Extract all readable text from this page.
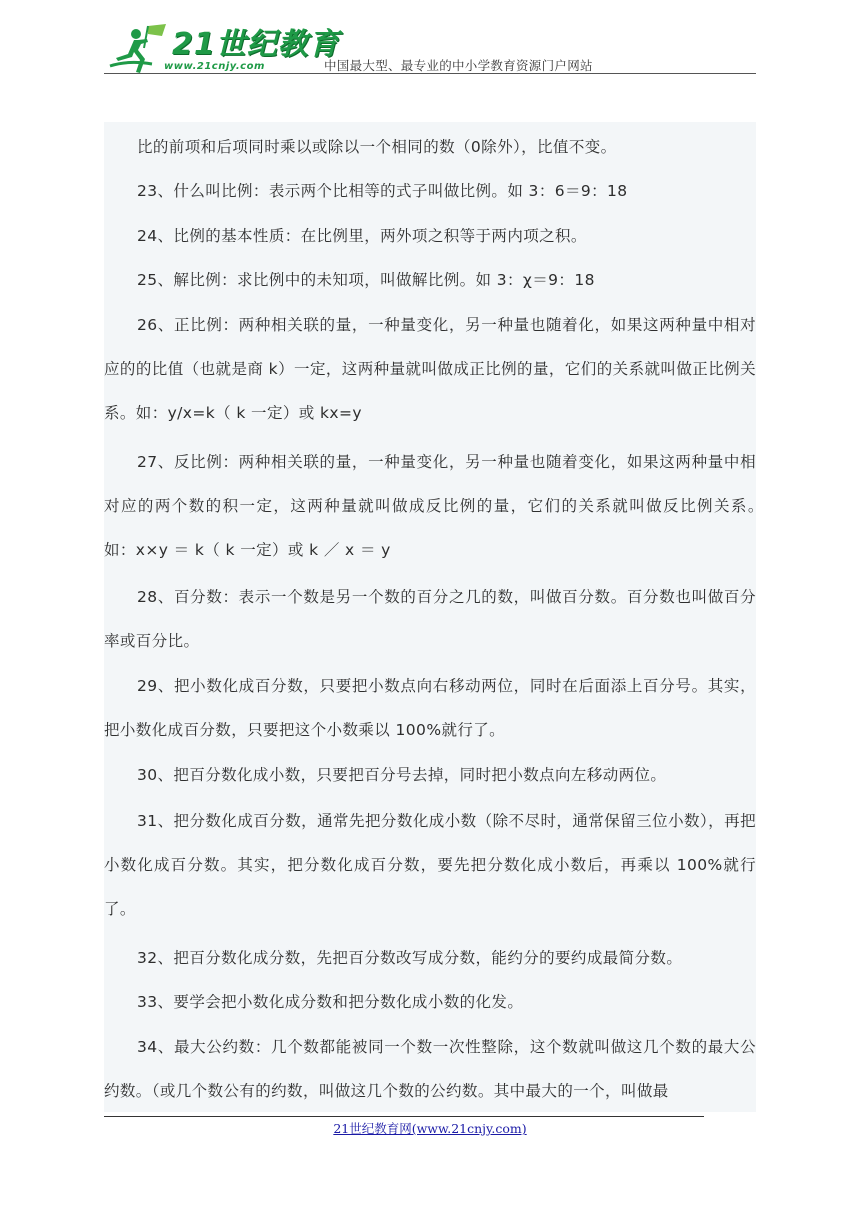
21世纪教育
www.21cnjy.com	中国最大型、最专业的中小学教育资源门户网站

比的前项和后项同时乘以或除以一个相同的数（0除外），比值不变。

23、什么叫比例：表示两个比相等的式子叫做比例。如 3：6＝9：18

24、比例的基本性质：在比例里，两外项之积等于两内项之积。

25、解比例：求比例中的未知项，叫做解比例。如 3：χ＝9：18

26、正比例：两种相关联的量，一种量变化，另一种量也随着化，如果这两种量中相对应的的比值（也就是商 k）一定，这两种量就叫做成正比例的量，它们的关系就叫做正比例关系。如：y/x=k（ k 一定）或 kx=y

27、反比例：两种相关联的量，一种量变化，另一种量也随着变化，如果这两种量中相对应的两个数的积一定，这两种量就叫做成反比例的量，它们的关系就叫做反比例关系。　　　如：x×y ＝ k（ k 一定）或 k ／ x ＝ y

28、百分数：表示一个数是另一个数的百分之几的数，叫做百分数。百分数也叫做百分率或百分比。

29、把小数化成百分数，只要把小数点向右移动两位，同时在后面添上百分号。其实，把小数化成百分数，只要把这个小数乘以 100%就行了。

30、把百分数化成小数，只要把百分号去掉，同时把小数点向左移动两位。

31、把分数化成百分数，通常先把分数化成小数（除不尽时，通常保留三位小数），再把小数化成百分数。其实，把分数化成百分数，要先把分数化成小数后，再乘以 100%就行了。

32、把百分数化成分数，先把百分数改写成分数，能约分的要约成最简分数。

33、要学会把小数化成分数和把分数化成小数的化发。

34、最大公约数：几个数都能被同一个数一次性整除，这个数就叫做这几个数的最大公约数。（或几个数公有的约数，叫做这几个数的公约数。其中最大的一个，叫做最

21世纪教育网(www.21cnjy.com)
